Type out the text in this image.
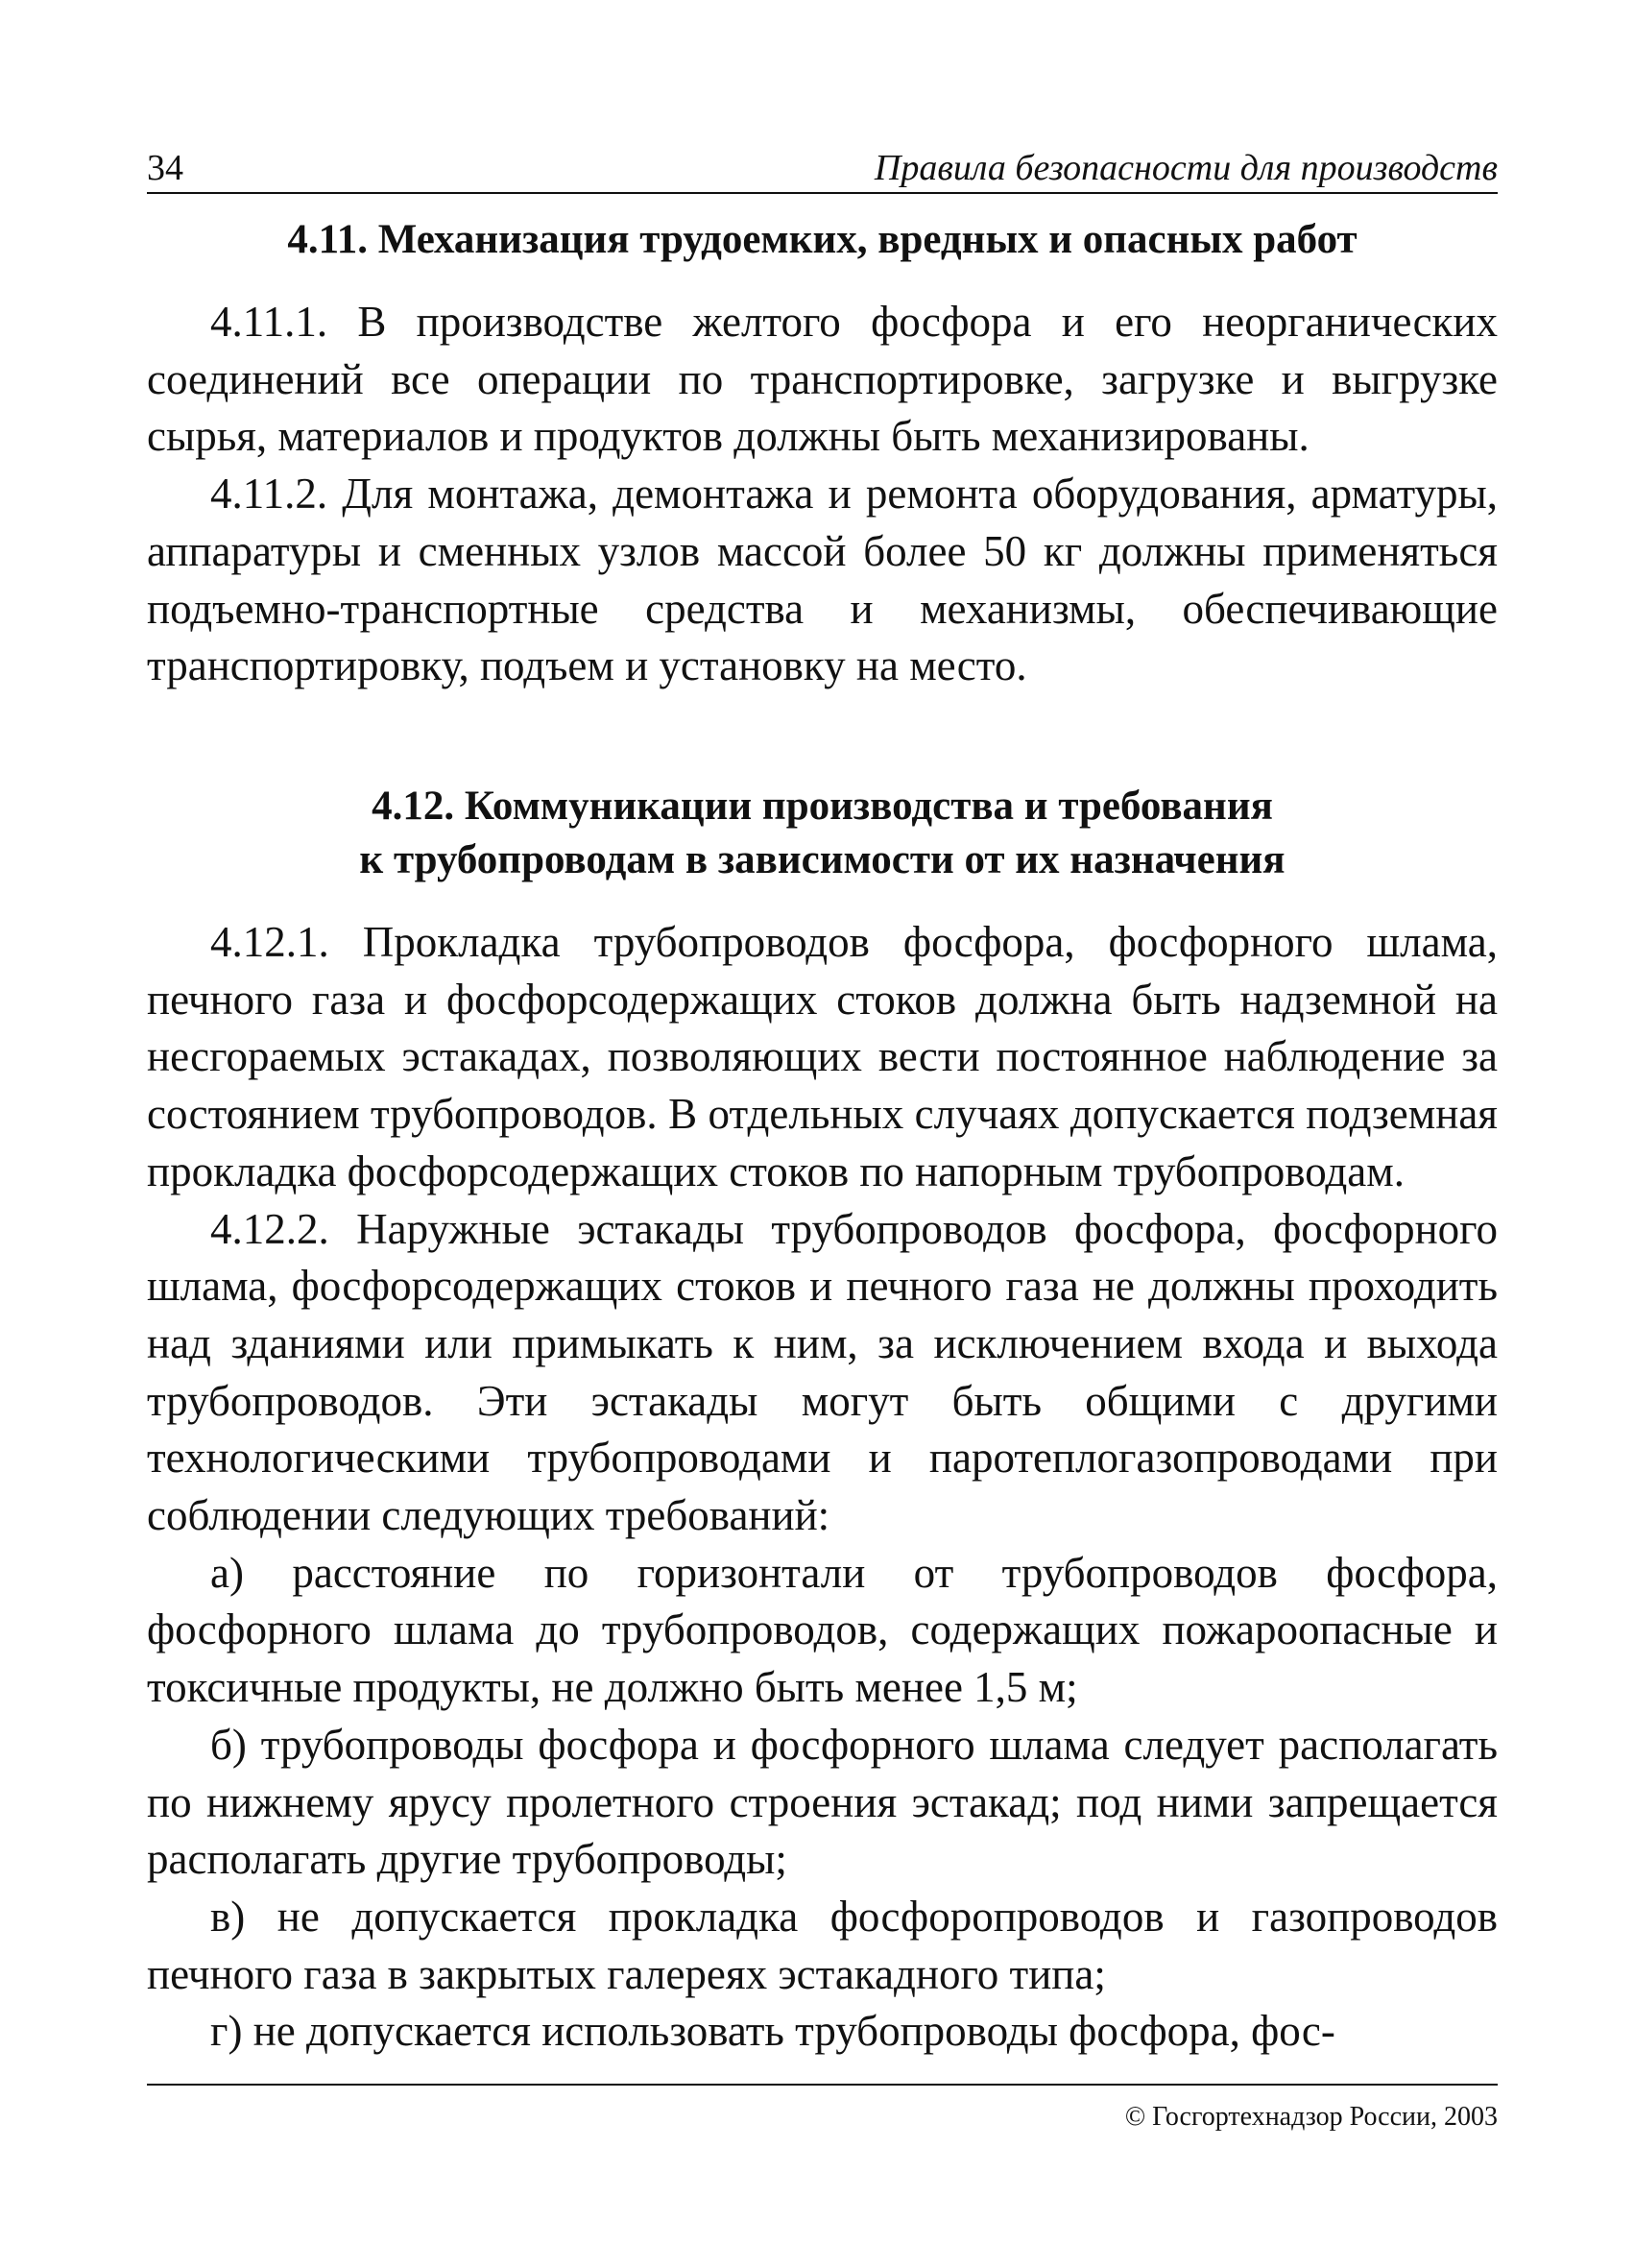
34	Правила безопасности для производств
4.11. Механизация трудоемких, вредных и опасных работ

4.11.1. В производстве желтого фосфора и его неорганических соединений все операции по транспортировке, загрузке и выгрузке сырья, материалов и продуктов должны быть механизированы.

4.11.2. Для монтажа, демонтажа и ремонта оборудования, арматуры, аппаратуры и сменных узлов массой более 50 кг должны применяться подъемно-транспортные средства и механизмы, обеспечивающие транспортировку, подъем и установку на место.

4.12. Коммуникации производства и требования
к трубопроводам в зависимости от их назначения

4.12.1. Прокладка трубопроводов фосфора, фосфорного шлама, печного газа и фосфорсодержащих стоков должна быть надземной на несгораемых эстакадах, позволяющих вести постоянное наблюдение за состоянием трубопроводов. В отдельных случаях допускается подземная прокладка фосфорсодержащих стоков по напорным трубопроводам.

4.12.2. Наружные эстакады трубопроводов фосфора, фосфорного шлама, фосфорсодержащих стоков и печного газа не должны проходить над зданиями или примыкать к ним, за исключением входа и выхода трубопроводов. Эти эстакады могут быть общими с другими технологическими трубопроводами и паротеплогазопроводами при соблюдении следующих требований:

а) расстояние по горизонтали от трубопроводов фосфора, фосфорного шлама до трубопроводов, содержащих пожароопасные и токсичные продукты, не должно быть менее 1,5 м;

б) трубопроводы фосфора и фосфорного шлама следует располагать по нижнему ярусу пролетного строения эстакад; под ними запрещается располагать другие трубопроводы;

в) не допускается прокладка фосфоропроводов и газопроводов печного газа в закрытых галереях эстакадного типа;

г) не допускается использовать трубопроводы фосфора, фос-

© Госгортехнадзор России, 2003
